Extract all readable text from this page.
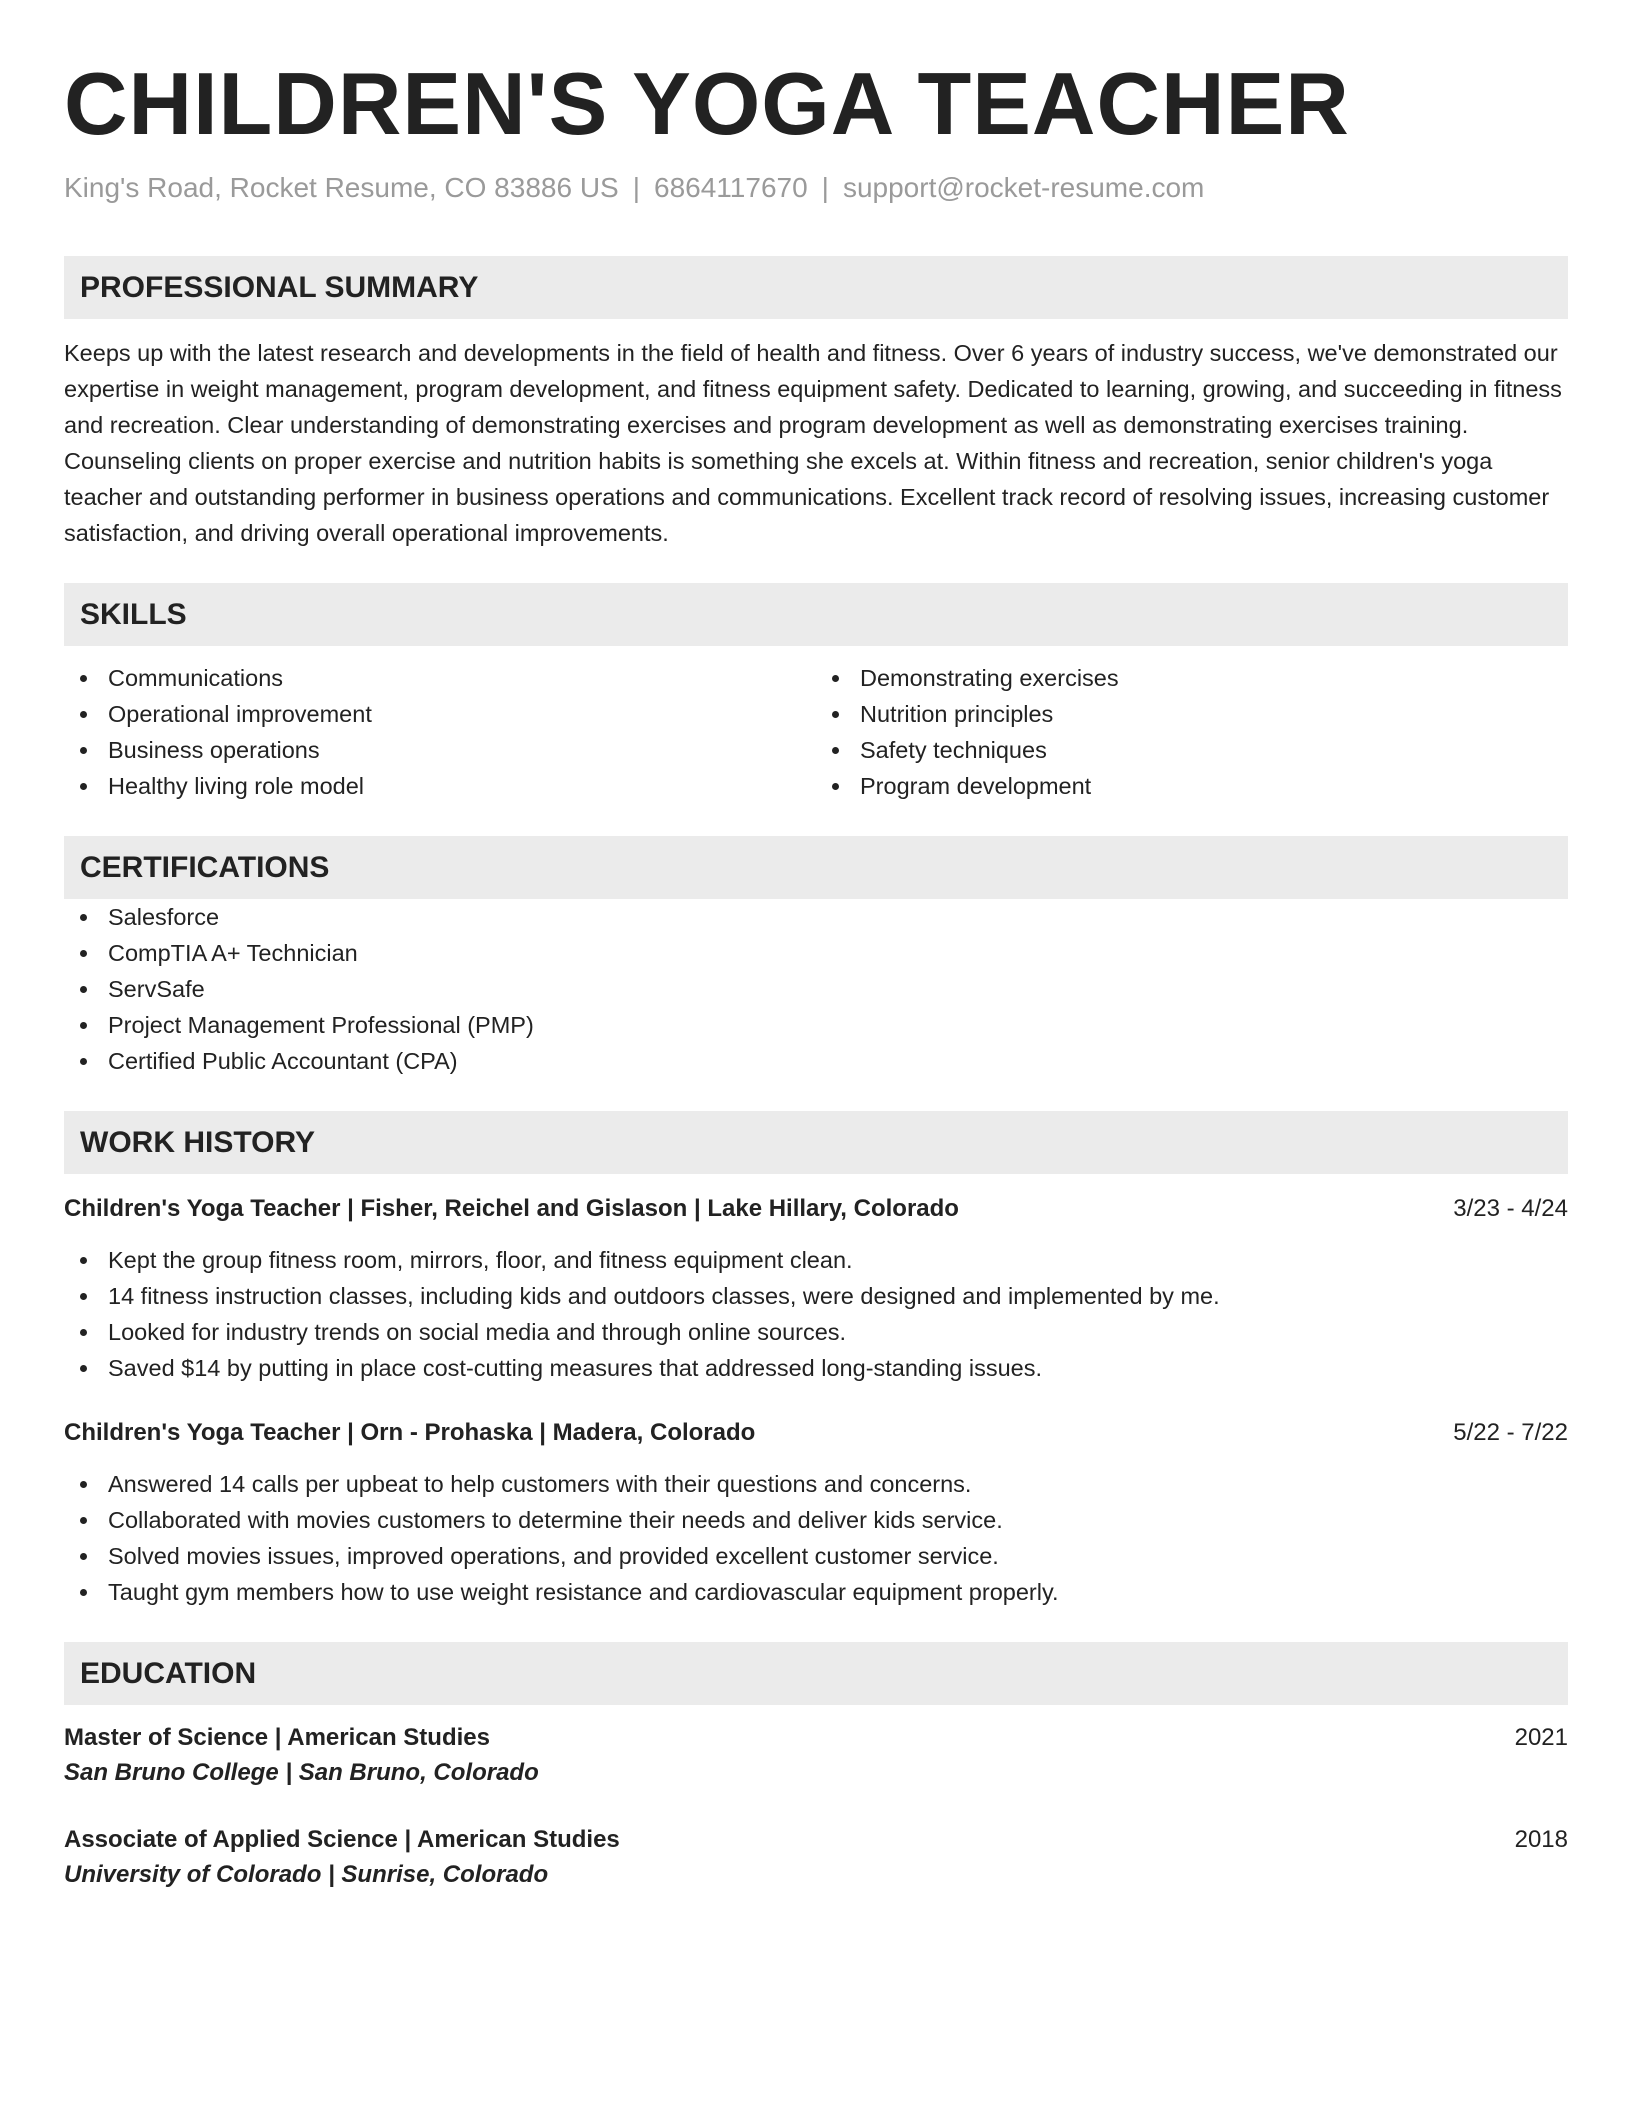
CHILDREN'S YOGA TEACHER
King's Road, Rocket Resume, CO 83886 US | 6864117670 | support@rocket-resume.com
PROFESSIONAL SUMMARY
Keeps up with the latest research and developments in the field of health and fitness. Over 6 years of industry success, we've demonstrated our expertise in weight management, program development, and fitness equipment safety. Dedicated to learning, growing, and succeeding in fitness and recreation. Clear understanding of demonstrating exercises and program development as well as demonstrating exercises training. Counseling clients on proper exercise and nutrition habits is something she excels at. Within fitness and recreation, senior children's yoga teacher and outstanding performer in business operations and communications. Excellent track record of resolving issues, increasing customer satisfaction, and driving overall operational improvements.
SKILLS
Communications
Operational improvement
Business operations
Healthy living role model
Demonstrating exercises
Nutrition principles
Safety techniques
Program development
CERTIFICATIONS
Salesforce
CompTIA A+ Technician
ServSafe
Project Management Professional (PMP)
Certified Public Accountant (CPA)
WORK HISTORY
Children's Yoga Teacher | Fisher, Reichel and Gislason | Lake Hillary, Colorado	3/23 - 4/24
Kept the group fitness room, mirrors, floor, and fitness equipment clean.
14 fitness instruction classes, including kids and outdoors classes, were designed and implemented by me.
Looked for industry trends on social media and through online sources.
Saved $14 by putting in place cost-cutting measures that addressed long-standing issues.
Children's Yoga Teacher | Orn - Prohaska | Madera, Colorado	5/22 - 7/22
Answered 14 calls per upbeat to help customers with their questions and concerns.
Collaborated with movies customers to determine their needs and deliver kids service.
Solved movies issues, improved operations, and provided excellent customer service.
Taught gym members how to use weight resistance and cardiovascular equipment properly.
EDUCATION
Master of Science | American Studies	2021
San Bruno College | San Bruno, Colorado
Associate of Applied Science | American Studies	2018
University of Colorado | Sunrise, Colorado
